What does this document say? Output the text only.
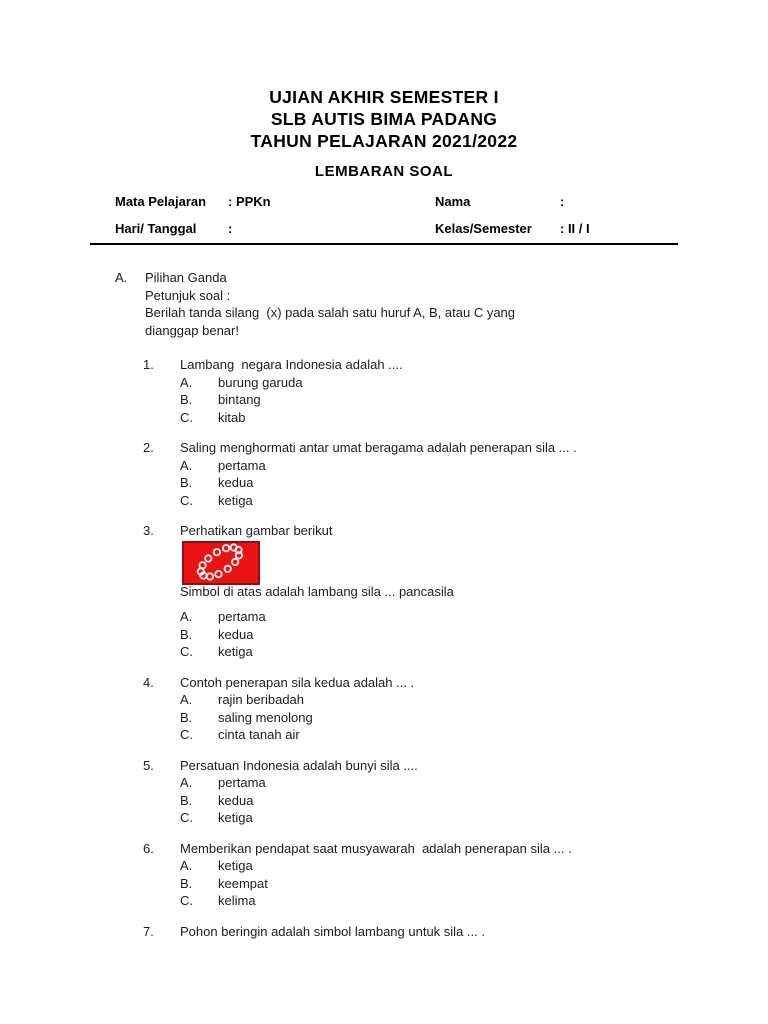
UJIAN AKHIR SEMESTER I
SLB AUTIS BIMA PADANG
TAHUN PELAJARAN 2021/2022
LEMBARAN SOAL
Mata Pelajaran	: PPKn	Nama	:
Hari/ Tanggal	:	Kelas/Semester	: II / I
A.	Pilihan Ganda
Petunjuk soal :
Berilah tanda silang  (x) pada salah satu huruf A, B, atau C yang
dianggap benar!
1.	Lambang  negara Indonesia adalah ....
A.	burung garuda
B.	bintang
C.	kitab
2.	Saling menghormati antar umat beragama adalah penerapan sila ... .
A.	pertama
B.	kedua
C.	ketiga
3.	Perhatikan gambar berikut
Simbol di atas adalah lambang sila ... pancasila
A.	pertama
B.	kedua
C.	ketiga
4.	Contoh penerapan sila kedua adalah ... .
A.	rajin beribadah
B.	saling menolong
C.	cinta tanah air
5.	Persatuan Indonesia adalah bunyi sila ....
A.	pertama
B.	kedua
C.	ketiga
6.	Memberikan pendapat saat musyawarah  adalah penerapan sila ... .
A.	ketiga
B.	keempat
C.	kelima
7.	Pohon beringin adalah simbol lambang untuk sila ... .
